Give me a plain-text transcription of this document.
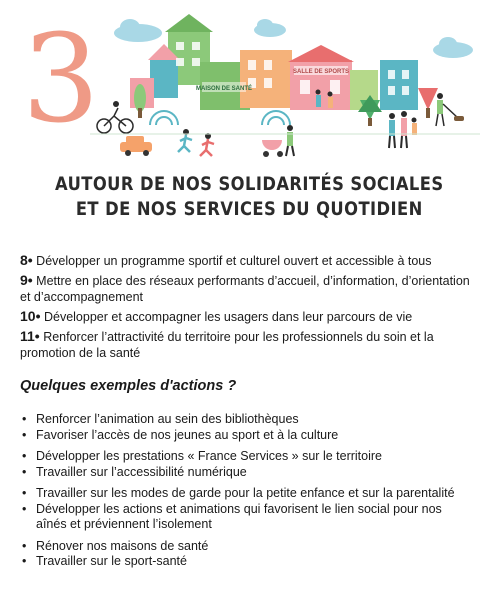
3	MAISON DE SANTÉ
SALLE DE SPORTS
AUTOUR DE NOS SOLIDARITÉS SOCIALES
ET DE NOS SERVICES DU QUOTIDIEN
8• Développer un programme sportif et culturel ouvert et accessible à tous
9• Mettre en place des réseaux performants d’accueil, d’information, d’orientation et d’accompagnement
10• Développer et accompagner les usagers dans leur parcours de vie
11• Renforcer l’attractivité du territoire pour les professionnels du soin et la promotion de la santé
Quelques exemples d'actions ?
• Renforcer l’animation au sein des bibliothèques
• Favoriser l’accès de nos jeunes au sport et à la culture
• Développer les prestations « France Services » sur le territoire
• Travailler sur l’accessibilité numérique
• Travailler sur les modes de garde pour la petite enfance et sur la parentalité
• Développer les actions et animations qui favorisent le lien social pour nos aînés et préviennent l’isolement
• Rénover nos maisons de santé
• Travailler sur le sport-santé
